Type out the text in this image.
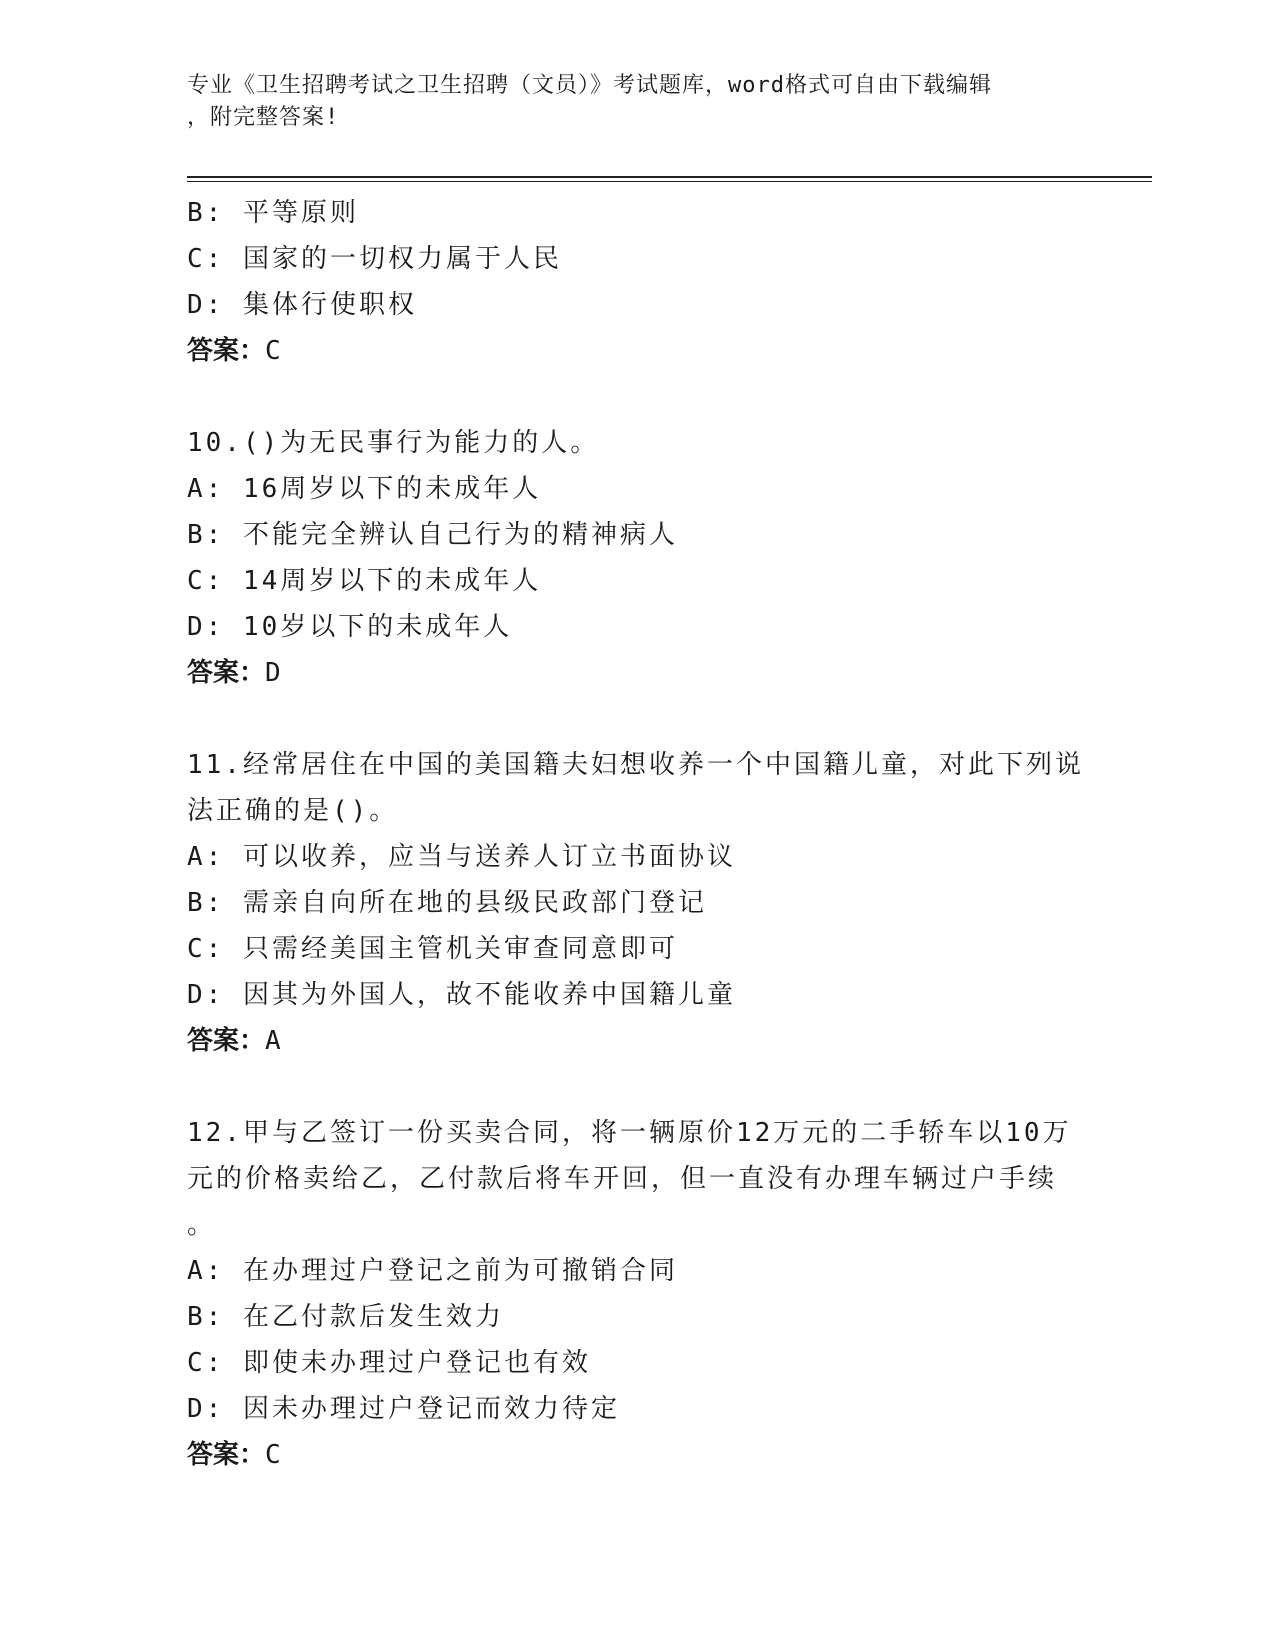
专业《卫生招聘考试之卫生招聘（文员）》考试题库，word格式可自由下载编辑
，附完整答案!
B: 平等原则
C: 国家的一切权力属于人民
D: 集体行使职权
答案：C
10.()为无民事行为能力的人。
A: 16周岁以下的未成年人
B: 不能完全辨认自己行为的精神病人
C: 14周岁以下的未成年人
D: 10岁以下的未成年人
答案：D
11.经常居住在中国的美国籍夫妇想收养一个中国籍儿童，对此下列说
法正确的是()。
A: 可以收养，应当与送养人订立书面协议
B: 需亲自向所在地的县级民政部门登记
C: 只需经美国主管机关审查同意即可
D: 因其为外国人，故不能收养中国籍儿童
答案：A
12.甲与乙签订一份买卖合同，将一辆原价12万元的二手轿车以10万
元的价格卖给乙，乙付款后将车开回，但一直没有办理车辆过户手续
。
A: 在办理过户登记之前为可撤销合同
B: 在乙付款后发生效力
C: 即使未办理过户登记也有效
D: 因未办理过户登记而效力待定
答案：C
